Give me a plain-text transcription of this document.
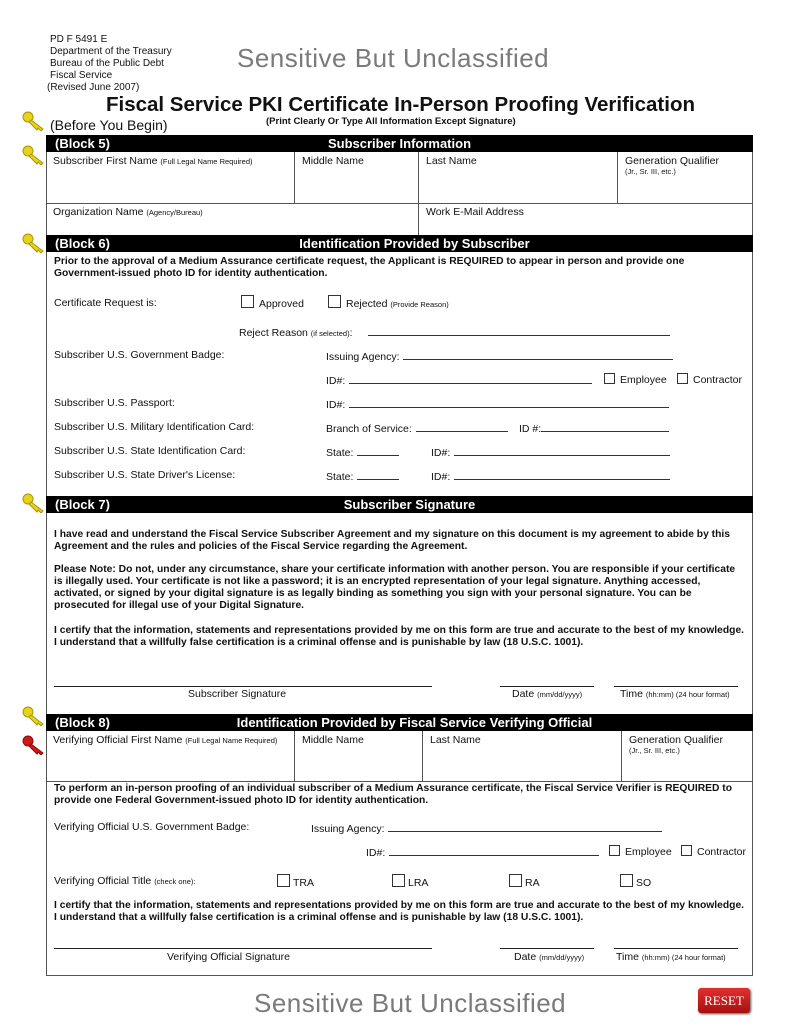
PD F 5491 E
Department of the Treasury
Bureau of the Public Debt
Fiscal Service
(Revised June 2007)
Sensitive But Unclassified
Fiscal Service PKI Certificate In-Person Proofing Verification
(Before You Begin)	(Print Clearly Or Type All Information Except Signature)
(Block 5)	Subscriber Information
Subscriber First Name (Full Legal Name Required)	Middle Name	Last Name	Generation Qualifier
(Jr., Sr. III, etc.)
Organization Name (Agency/Bureau)	Work E-Mail Address
(Block 6)	Identification Provided by Subscriber
Prior to the approval of a Medium Assurance certificate request, the Applicant is REQUIRED to appear in person and provide one Government-issued photo ID for identity authentication.
Certificate Request is:	Approved	Rejected (Provide Reason)
Reject Reason (if selected):
Subscriber U.S. Government Badge:	Issuing Agency:
ID#:	Employee	Contractor
Subscriber U.S. Passport:	ID#:
Subscriber U.S. Military Identification Card:	Branch of Service:	ID #:
Subscriber U.S. State Identification Card:	State:	ID#:
Subscriber U.S. State Driver's License:	State:	ID#:
(Block 7)	Subscriber Signature
I have read and understand the Fiscal Service Subscriber Agreement and my signature on this document is my agreement to abide by this Agreement and the rules and policies of the Fiscal Service regarding the Agreement.
Please Note: Do not, under any circumstance, share your certificate information with another person. You are responsible if your certificate is illegally used. Your certificate is not like a password; it is an encrypted representation of your legal signature. Anything accessed, activated, or signed by your digital signature is as legally binding as something you sign with your personal signature. You can be prosecuted for illegal use of your Digital Signature.
I certify that the information, statements and representations provided by me on this form are true and accurate to the best of my knowledge. I understand that a willfully false certification is a criminal offense and is punishable by law (18 U.S.C. 1001).
Subscriber Signature	Date (mm/dd/yyyy)	Time (hh:mm) (24 hour format)
(Block 8)	Identification Provided by Fiscal Service Verifying Official
Verifying Official First Name (Full Legal Name Required)	Middle Name	Last Name	Generation Qualifier
(Jr., Sr. III, etc.)
To perform an in-person proofing of an individual subscriber of a Medium Assurance certificate, the Fiscal Service Verifier is REQUIRED to provide one Federal Government-issued photo ID for identity authentication.
Verifying Official U.S. Government Badge:	Issuing Agency:
ID#:	Employee	Contractor
Verifying Official Title (check one):	TRA	LRA	RA	SO
I certify that the information, statements and representations provided by me on this form are true and accurate to the best of my knowledge. I understand that a willfully false certification is a criminal offense and is punishable by law (18 U.S.C. 1001).
Verifying Official Signature	Date (mm/dd/yyyy)	Time (hh:mm) (24 hour format)
Sensitive But Unclassified	RESET
